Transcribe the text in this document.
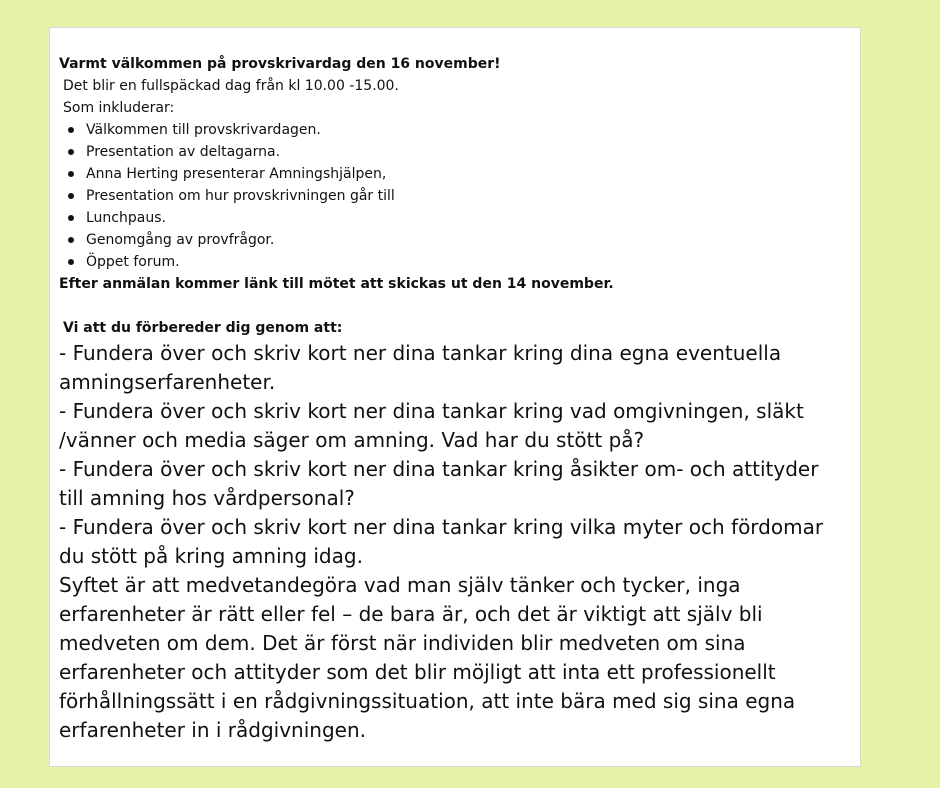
Varmt välkommen på provskrivardag den 16 november!

Det blir en fullspäckad dag från kl 10.00 -15.00.

Som inkluderar:

Välkommen till provskrivardagen.
Presentation av deltagarna.
Anna Herting presenterar Amningshjälpen,
Presentation om hur provskrivningen går till
Lunchpaus.
Genomgång av provfrågor.
Öppet forum.

Efter anmälan kommer länk till mötet att skickas ut den 14 november.

Vi att du förbereder dig genom att:

- Fundera över och skriv kort ner dina tankar kring dina egna eventuella amningserfarenheter.

- Fundera över och skriv kort ner dina tankar kring vad omgivningen, släkt /vänner och media säger om amning. Vad har du stött på?

- Fundera över och skriv kort ner dina tankar kring åsikter om- och attityder till amning hos vårdpersonal?

- Fundera över och skriv kort ner dina tankar kring vilka myter och fördomar du stött på kring amning idag.

Syftet är att medvetandegöra vad man själv tänker och tycker, inga erfarenheter är rätt eller fel – de bara är, och det är viktigt att själv bli medveten om dem. Det är först när individen blir medveten om sina erfarenheter och attityder som det blir möjligt att inta ett professionellt förhållningssätt i en rådgivningssituation, att inte bära med sig sina egna erfarenheter in i rådgivningen.
